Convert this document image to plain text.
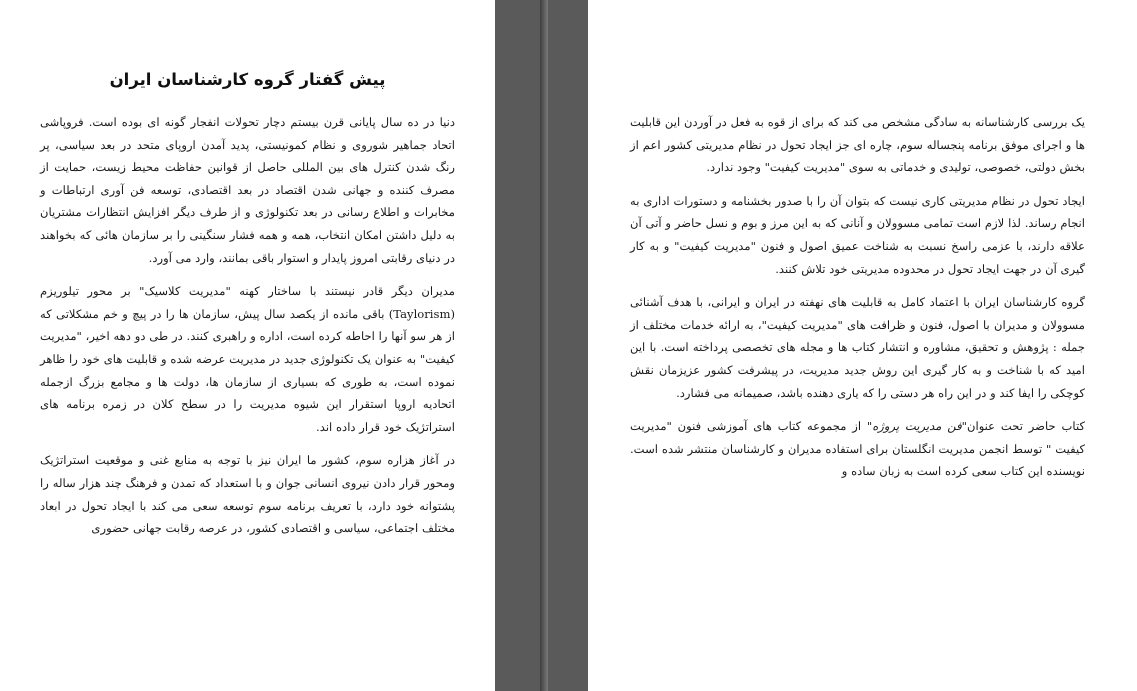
پیش گفتار گروه کارشناسان ایران

دنیا در ده سال پایانی قرن بیستم دچار تحولات انفجار گونه ای بوده است. فروپاشی اتحاد جماهیر شوروی و نظام کمونیستی، پدید آمدن اروپای متحد در بعد سیاسی، پر رنگ شدن کنترل های بین المللی حاصل از قوانین حفاظت محیط زیست، حمایت از مصرف کننده و جهانی شدن اقتصاد در بعد اقتصادی، توسعه فن آوری ارتباطات و مخابرات و اطلاع رسانی در بعد تکنولوژی و از طرف دیگر افزایش انتظارات مشتریان به دلیل داشتن امکان انتخاب، همه و همه فشار سنگینی را بر سازمان هائی که بخواهند در دنیای رقابتی امروز پایدار و استوار باقی بمانند، وارد می آورد.

مدیران دیگر قادر نیستند با ساختار کهنه "مدیریت کلاسیک" بر محور تیلوریزم (Taylorism) باقی مانده از یکصد سال پیش، سازمان ها را در پیچ و خم مشکلاتی که از هر سو آنها را احاطه کرده است، اداره و راهبری کنند. در طی دو دهه اخیر، "مدیریت کیفیت" به عنوان یک تکنولوژی جدید در مدیریت عرضه شده و قابلیت های خود را ظاهر نموده است، به طوری که بسیاری از سازمان ها، دولت ها و مجامع بزرگ ازجمله اتحادیه اروپا استقرار این شیوه مدیریت را در سطح کلان در زمره برنامه های استراتژیک خود قرار داده اند.

در آغاز هزاره سوم، کشور ما ایران نیز با توجه به منابع غنی و موقعیت استراتژیک ومحور قرار دادن نیروی انسانی جوان و با استعداد که تمدن و فرهنگ چند هزار ساله را پشتوانه خود دارد، با تعریف برنامه سوم توسعه سعی می کند با ایجاد تحول در ابعاد مختلف اجتماعی، سیاسی و اقتصادی کشور، در عرصه رقابت جهانی حضوری

یک بررسی کارشناسانه به سادگی مشخص می کند که برای از قوه به فعل در آوردن این قابلیت ها و اجرای موفق برنامه پنجساله سوم، چاره ای جز ایجاد تحول در نظام مدیریتی کشور اعم از بخش دولتی، خصوصی، تولیدی و خدماتی به سوی "مدیریت کیفیت" وجود ندارد.

ایجاد تحول در نظام مدیریتی کاری نیست که بتوان آن را با صدور بخشنامه و دستورات اداری به انجام رساند. لذا لازم است تمامی مسوولان و آنانی که به این مرز و بوم و نسل حاضر و آتی آن علاقه دارند، با عزمی راسخ نسبت به شناخت عمیق اصول و فنون "مدیریت کیفیت" و به کار گیری آن در جهت ایجاد تحول در محدوده مدیریتی خود تلاش کنند.

گروه کارشناسان ایران با اعتماد کامل به قابلیت های نهفته در ایران و ایرانی، با هدف آشنائی مسوولان و مدیران با اصول، فنون و ظرافت های "مدیریت کیفیت"، به ارائه خدمات مختلف از جمله : پژوهش و تحقیق، مشاوره و انتشار کتاب ها و مجله های تخصصی پرداخته است. با این امید که با شناخت و به کار گیری این روش جدید مدیریت، در پیشرفت کشور عزیزمان نقش کوچکی را ایفا کند و در این راه هر دستی را که یاری دهنده باشد، صمیمانه می فشارد.

کتاب حاضر تحت عنوان"فن مدیریت پروژه" از مجموعه کتاب های آموزشی فنون "مدیریت کیفیت " توسط انجمن مدیریت انگلستان برای استفاده مدیران و کارشناسان منتشر شده است. نویسنده این کتاب سعی کرده است به زبان ساده و
